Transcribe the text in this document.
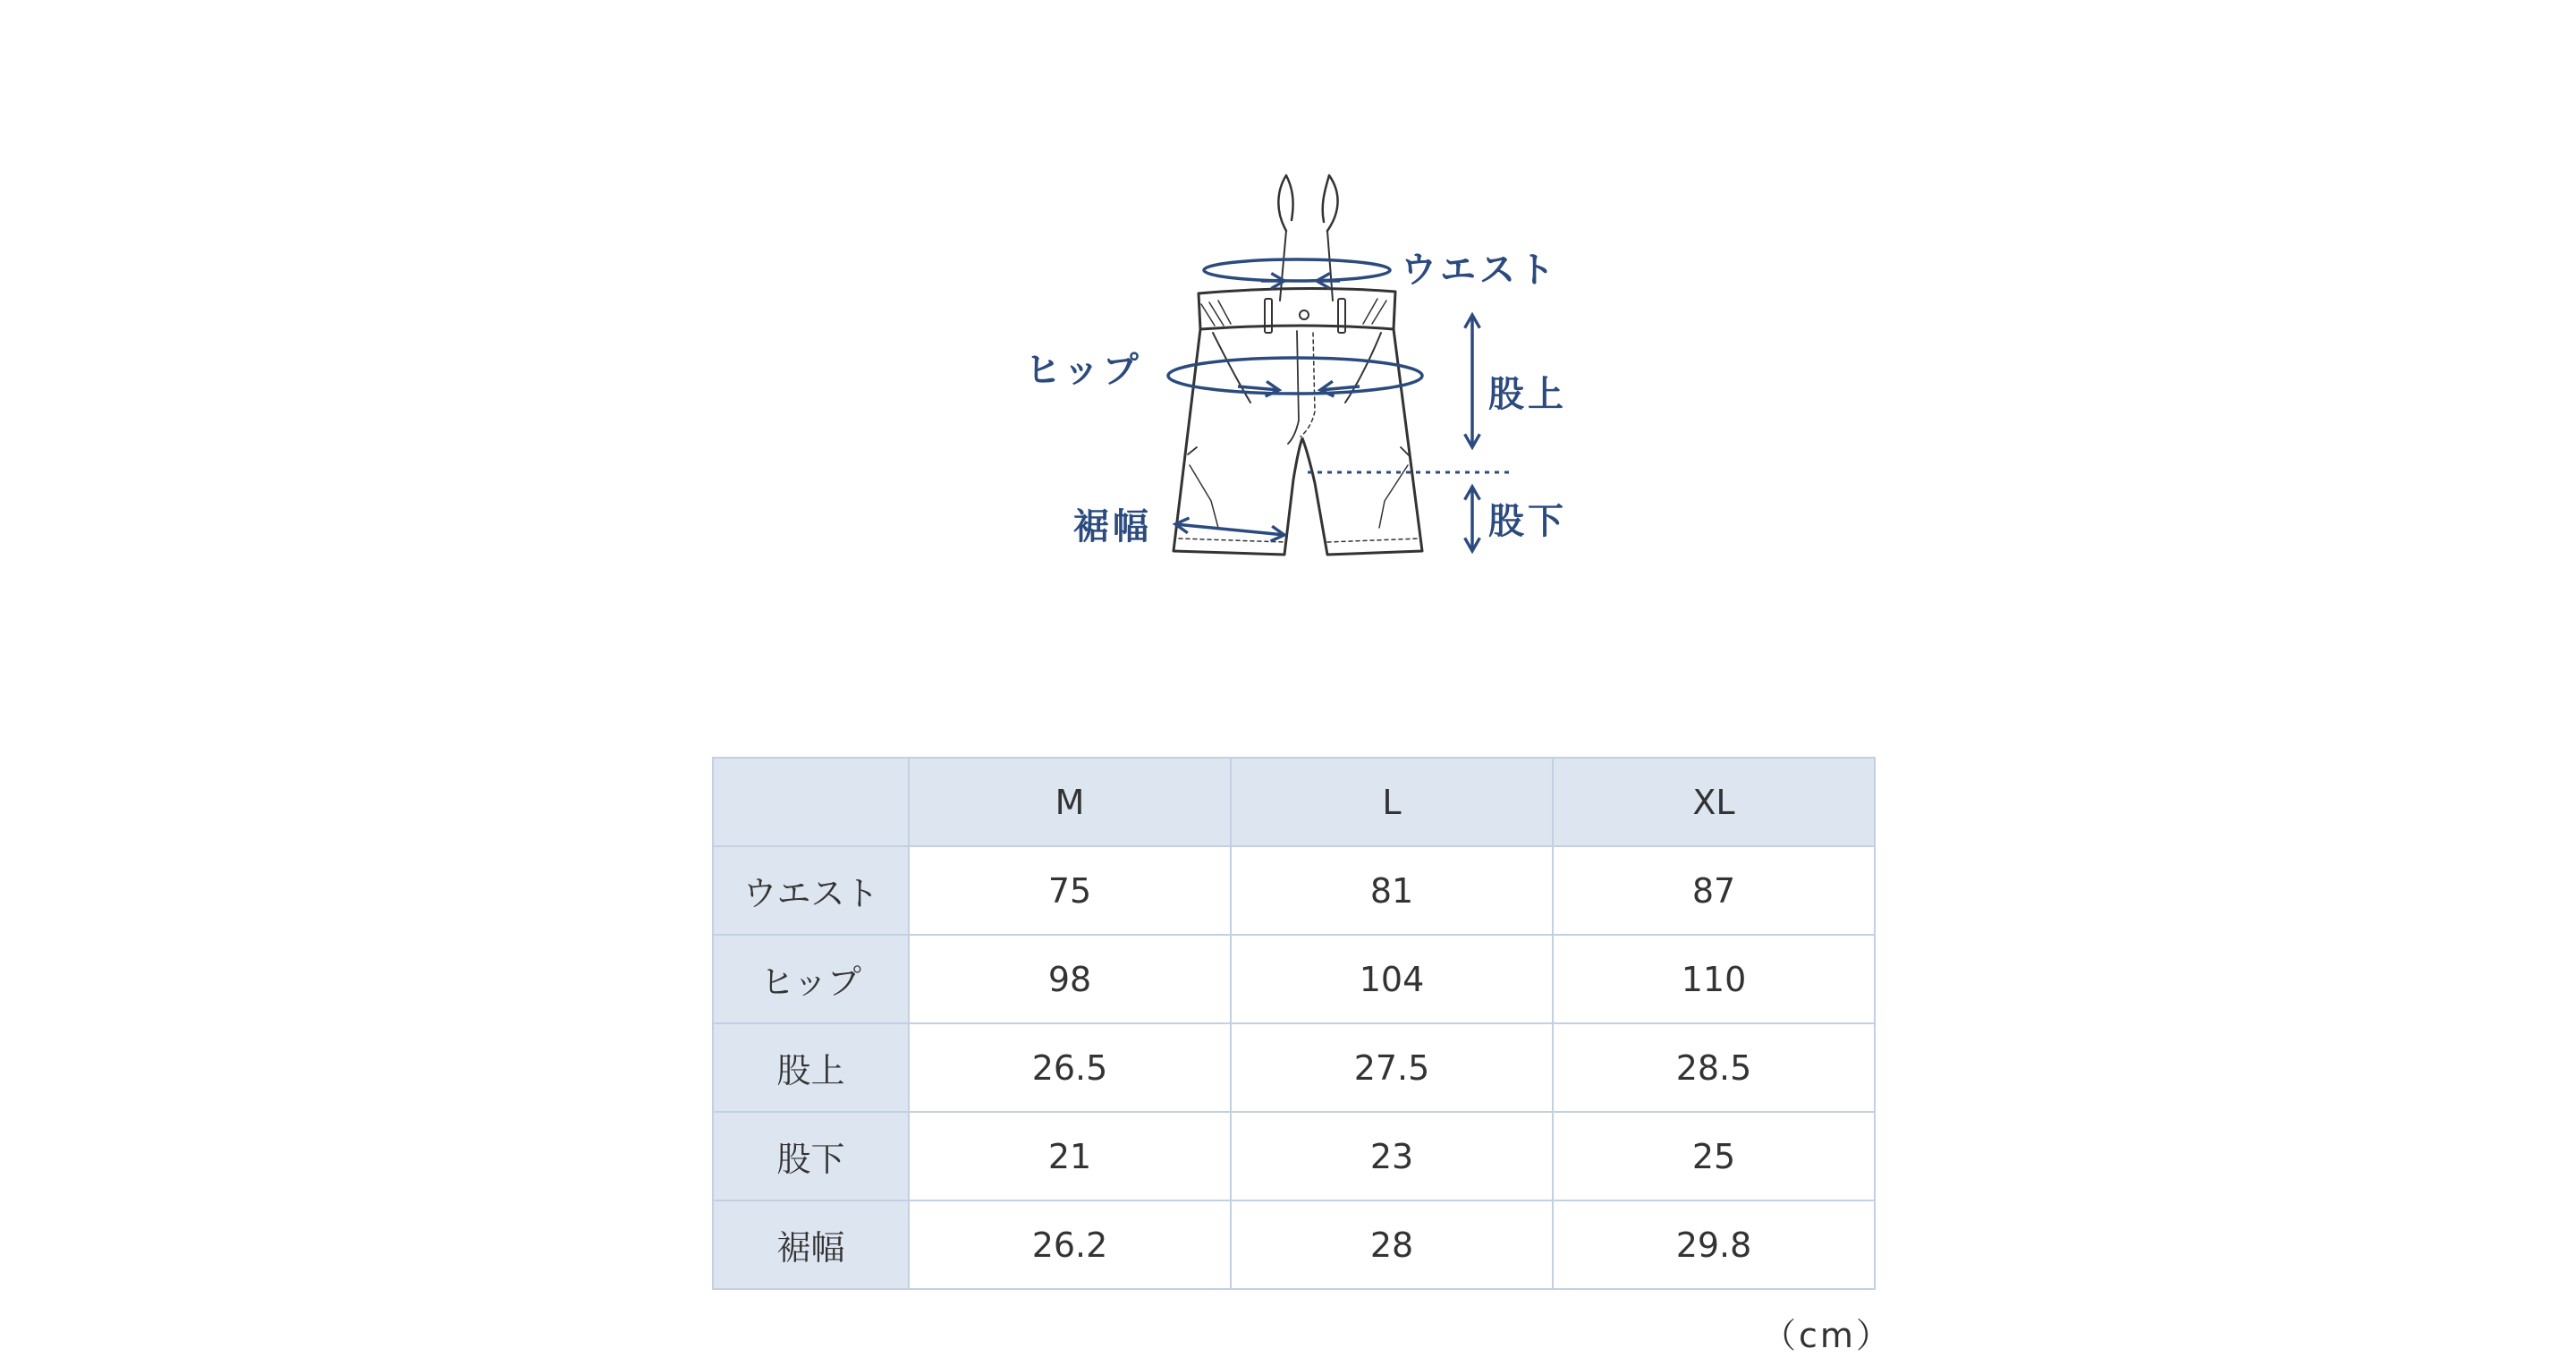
ウエスト
ヒップ
股上
股下
裾幅
	M	L	XL
ウエスト	75	81	87
ヒップ	98	104	110
股上	26.5	27.5	28.5
股下	21	23	25
裾幅	26.2	28	29.8
（cm）
